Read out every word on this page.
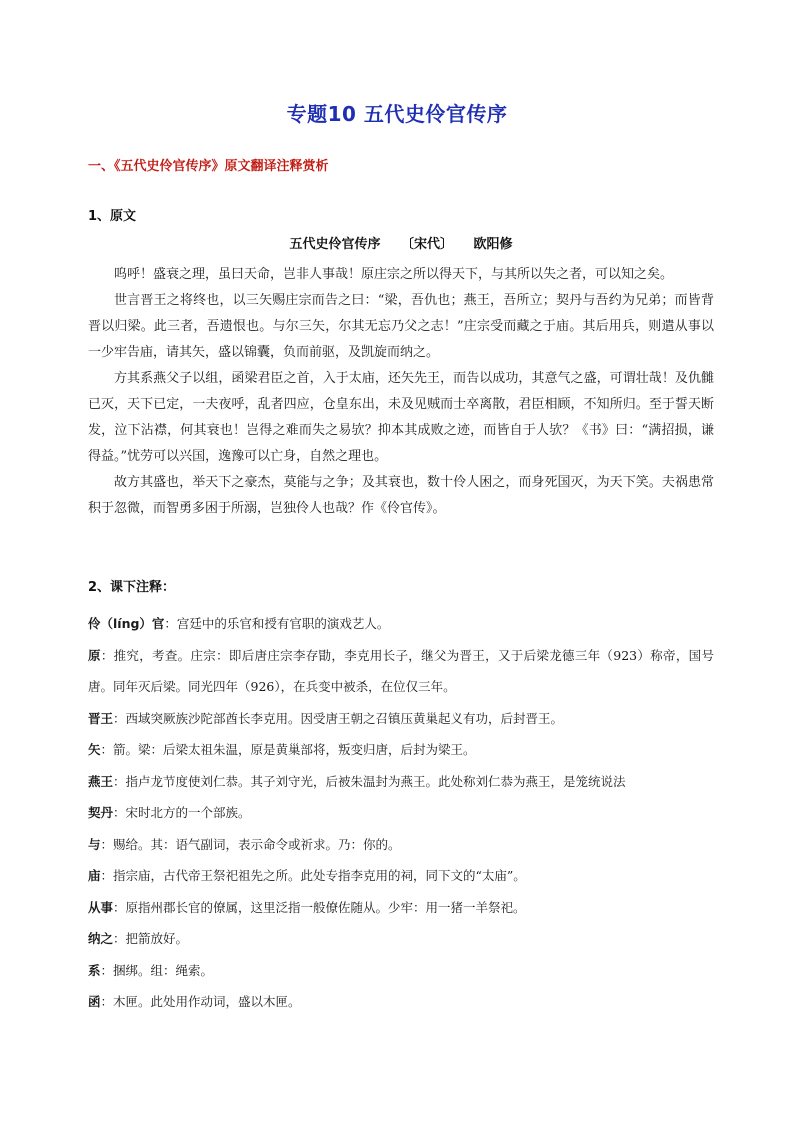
专题10 五代史伶官传序
一、《五代史伶官传序》原文翻译注释赏析
1、原文
五代史伶官传序 〔宋代〕 欧阳修

呜呼！盛衰之理，虽曰天命，岂非人事哉！原庄宗之所以得天下，与其所以失之者，可以知之矣。

世言晋王之将终也，以三矢赐庄宗而告之曰：“梁，吾仇也；燕王，吾所立；契丹与吾约为兄弟；而皆背晋以归梁。此三者，吾遗恨也。与尔三矢，尔其无忘乃父之志！”庄宗受而藏之于庙。其后用兵，则遣从事以一少牢告庙，请其矢，盛以锦囊，负而前驱，及凯旋而纳之。

方其系燕父子以组，函梁君臣之首，入于太庙，还矢先王，而告以成功，其意气之盛，可谓壮哉！及仇雠已灭，天下已定，一夫夜呼，乱者四应，仓皇东出，未及见贼而士卒离散，君臣相顾，不知所归。至于誓天断发，泣下沾襟，何其衰也！岂得之难而失之易欤？抑本其成败之迹，而皆自于人欤？《书》曰：“满招损，谦得益。”忧劳可以兴国，逸豫可以亡身，自然之理也。

故方其盛也，举天下之豪杰，莫能与之争；及其衰也，数十伶人困之，而身死国灭，为天下笑。夫祸患常积于忽微，而智勇多困于所溺，岂独伶人也哉？作《伶官传》。

2、课下注释：

伶（líng）官：宫廷中的乐官和授有官职的演戏艺人。

原：推究，考查。庄宗：即后唐庄宗李存勖，李克用长子，继父为晋王，又于后梁龙德三年（923）称帝，国号唐。同年灭后梁。同光四年（926），在兵变中被杀，在位仅三年。

晋王：西域突厥族沙陀部酋长李克用。因受唐王朝之召镇压黄巢起义有功，后封晋王。

矢：箭。梁：后梁太祖朱温，原是黄巢部将，叛变归唐，后封为梁王。

燕王：指卢龙节度使刘仁恭。其子刘守光，后被朱温封为燕王。此处称刘仁恭为燕王，是笼统说法

契丹：宋时北方的一个部族。

与：赐给。其：语气副词，表示命令或祈求。乃：你的。

庙：指宗庙，古代帝王祭祀祖先之所。此处专指李克用的祠，同下文的“太庙”。

从事：原指州郡长官的僚属，这里泛指一般僚佐随从。少牢：用一猪一羊祭祀。

纳之：把箭放好。

系：捆绑。组：绳索。

函：木匣。此处用作动词，盛以木匣。
